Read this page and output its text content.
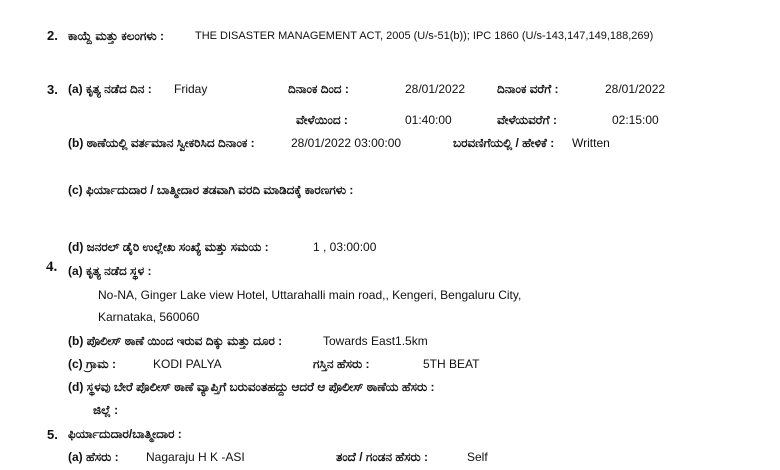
2. ಕಾಯ್ದೆ ಮತ್ತು ಕಲಂಗಳು :	THE DISASTER MANAGEMENT ACT, 2005 (U/s-51(b)); IPC 1860 (U/s-143,147,149,188,269)
3. (a) ಕೃತ್ಯ ನಡೆದ ದಿನ : Friday	ದಿನಾಂಕ ದಿಂದ :	28/01/2022	ದಿನಾಂಕ ವರೆಗೆ :	28/01/2022
ವೇಳೆಯಿಂದ :	01:40:00	ವೇಳೆಯವರೆಗೆ :	02:15:00
(b) ಠಾಣೆಯಲ್ಲಿ ವರ್ತಮಾನ ಸ್ವೀಕರಿಸಿದ ದಿನಾಂಕ :	28/01/2022 03:00:00	ಬರವಣಿಗೆಯಲ್ಲಿ / ಹೇಳಿಕೆ : Written
(c) ಫಿರ್ಯಾದುದಾರ / ಬಾತ್ಮೀದಾರ ತಡವಾಗಿ ವರದಿ ಮಾಡಿದಕ್ಕೆ ಕಾರಣಗಳು :
(d) ಜನರಲ್ ಡೈರಿ ಉಲ್ಲೇಖ ಸಂಖ್ಯೆ ಮತ್ತು ಸಮಯ :	1 , 03:00:00
4. (a) ಕೃತ್ಯ ನಡೆದ ಸ್ಥಳ :
No-NA, Ginger Lake view Hotel, Uttarahalli main road,, Kengeri, Bengaluru City,
Karnataka, 560060
(b) ಪೊಲೀಸ್ ಠಾಣೆ ಯಿಂದ ಇರುವ ದಿಕ್ಕು ಮತ್ತು ದೂರ :	Towards East1.5km
(c) ಗ್ರಾಮ :	KODI PALYA	ಗಸ್ತಿನ ಹೆಸರು :	5TH BEAT
(d) ಸ್ಥಳವು ಬೇರೆ ಪೊಲೀಸ್ ಠಾಣೆ ವ್ಯಾಪ್ತಿಗೆ ಬರುವಂತಹದ್ದು ಆದರೆ ಆ ಪೊಲೀಸ್ ಠಾಣೆಯ ಹೆಸರು :
ಜಿಲ್ಲೆ :
5. ಫಿರ್ಯಾದುದಾರ/ಬಾತ್ಮೀದಾರ :
(a) ಹೆಸರು : Nagaraju H K -ASI	ತಂದೆ / ಗಂಡನ ಹೆಸರು :	Self
